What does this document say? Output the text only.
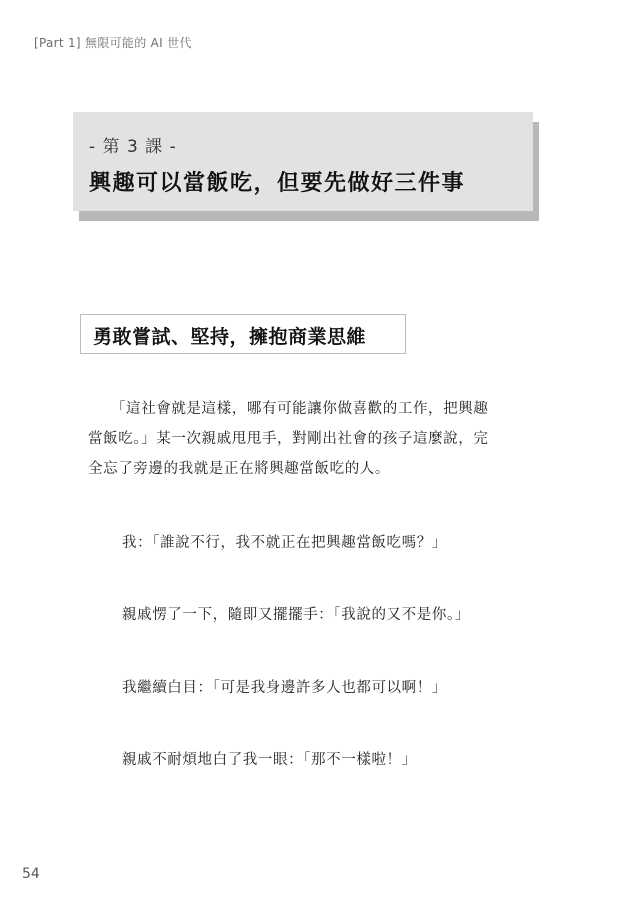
[Part 1] 無限可能的 AI 世代
- 第 3 課 -
興趣可以當飯吃，但要先做好三件事
勇敢嘗試、堅持，擁抱商業思維
　　「這社會就是這樣，哪有可能讓你做喜歡的工作，把興趣
當飯吃。」某一次親戚甩甩手，對剛出社會的孩子這麼說，完
全忘了旁邊的我就是正在將興趣當飯吃的人。
我：「誰說不行，我不就正在把興趣當飯吃嗎？」
親戚愣了一下，隨即又擺擺手：「我說的又不是你。」
我繼續白目：「可是我身邊許多人也都可以啊！」
親戚不耐煩地白了我一眼：「那不一樣啦！」
54
